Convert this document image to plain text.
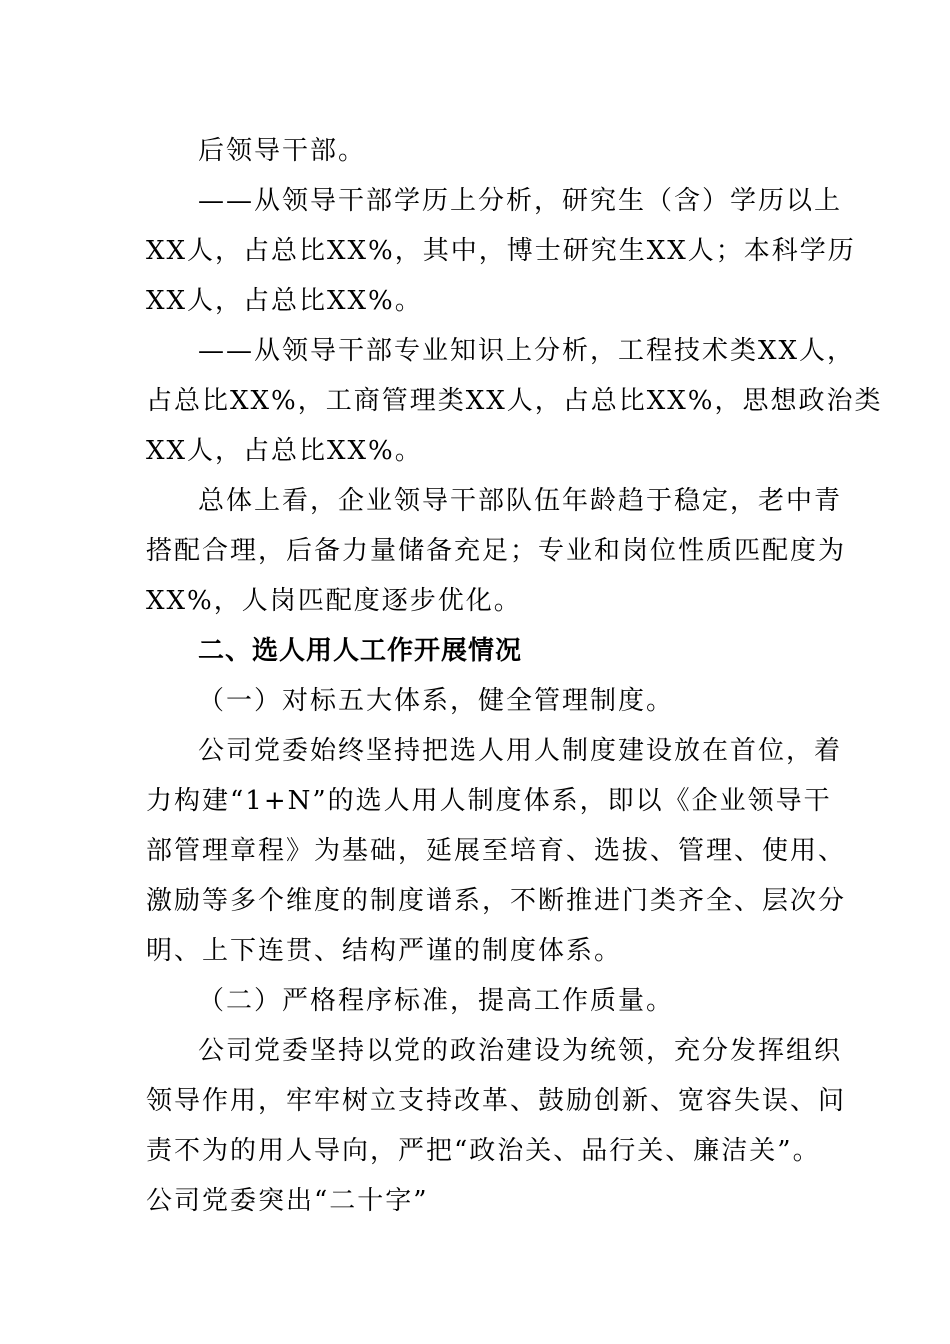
后领导干部。
——从领导干部学历上分析，研究生（含）学历以上
XX人，占总比XX%，其中，博士研究生XX人；本科学历
XX人，占总比XX%。
——从领导干部专业知识上分析，工程技术类XX人，
占总比XX%，工商管理类XX人，占总比XX%，思想政治类
XX人，占总比XX%。
总体上看，企业领导干部队伍年龄趋于稳定，老中青
搭配合理，后备力量储备充足；专业和岗位性质匹配度为
XX%，人岗匹配度逐步优化。
二、选人用人工作开展情况
（一）对标五大体系，健全管理制度。
公司党委始终坚持把选人用人制度建设放在首位，着
力构建“1+N”的选人用人制度体系，即以《企业领导干
部管理章程》为基础，延展至培育、选拔、管理、使用、
激励等多个维度的制度谱系，不断推进门类齐全、层次分
明、上下连贯、结构严谨的制度体系。
（二）严格程序标准，提高工作质量。
公司党委坚持以党的政治建设为统领，充分发挥组织
领导作用，牢牢树立支持改革、鼓励创新、宽容失误、问
责不为的用人导向，严把“政治关、品行关、廉洁关”。
公司党委突出“二十字”
